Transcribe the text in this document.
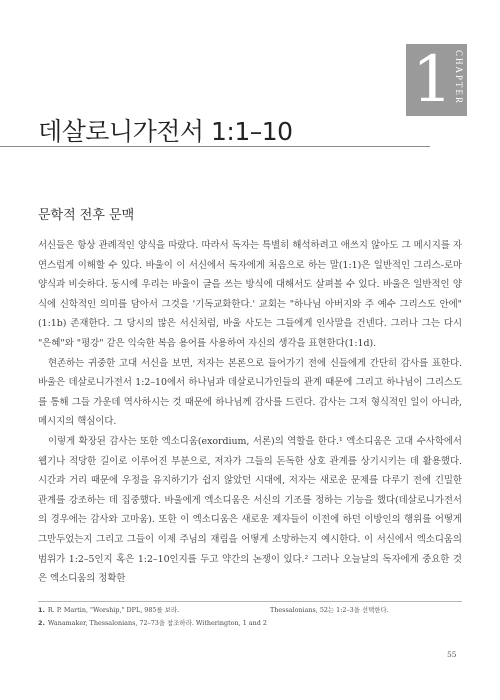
1 CHAPTER
데살로니가전서 1:1–10
문학적 전후 문맥

서신들은 항상 관례적인 양식을 따랐다. 따라서 독자는 특별히 해석하려고 애쓰지 않아도 그 메시지를 자연스럽게 이해할 수 있다. 바울이 이 서신에서 독자에게 처음으로 하는 말(1:1)은 일반적인 그리스-로마 양식과 비슷하다. 동시에 우리는 바울이 글을 쓰는 방식에 대해서도 살펴볼 수 있다. 바울은 일반적인 양식에 신학적인 의미를 담아서 그것을 '기독교화한다.' 교회는 "하나님 아버지와 주 예수 그리스도 안에"(1:1b) 존재한다. 그 당시의 많은 서신처럼, 바울 사도는 그들에게 인사말을 건넨다. 그러나 그는 다시 "은혜"와 "평강" 같은 익숙한 복음 용어를 사용하여 자신의 생각을 표현한다(1:1d).

현존하는 귀중한 고대 서신을 보면, 저자는 본론으로 들어가기 전에 신들에게 간단히 감사를 표한다. 바울은 데살로니가전서 1:2–10에서 하나님과 데살로니가인들의 관계 때문에 그리고 하나님이 그리스도를 통해 그들 가운데 역사하시는 것 때문에 하나님께 감사를 드린다. 감사는 그저 형식적인 일이 아니라, 메시지의 핵심이다.

이렇게 확장된 감사는 또한 엑소디움(exordium, 서론)의 역할을 한다.¹ 엑소디움은 고대 수사학에서 웹기나 적당한 길이로 이루어진 부분으로, 저자가 그들의 돈독한 상호 관계를 상기시키는 데 활용했다. 시간과 거리 때문에 우정을 유지하기가 쉽지 않았던 시대에, 저자는 새로운 문제를 다루기 전에 긴밀한 관계를 강조하는 데 집중했다. 바울에게 엑소디움은 서신의 기조를 정하는 기능을 했다(데살로니가전서의 경우에는 감사와 고마움). 또한 이 엑소디움은 새로운 제자들이 이전에 하던 이방인의 행위를 어떻게 그만두었는지 그리고 그들이 이제 주님의 재림을 어떻게 소망하는지 예시한다. 이 서신에서 엑소디움의 범위가 1:2–5인지 혹은 1:2–10인지를 두고 약간의 논쟁이 있다.² 그러나 오늘날의 독자에게 중요한 것은 엑소디움의 정확한

1. R. P. Martin, "Worship," DPL, 985를 보라.
2. Wanamaker, Thessalonians, 72–73을 참조하라. Witherington, 1 and 2
Thessalonians, 52는 1:2–3을 선택한다.
55
